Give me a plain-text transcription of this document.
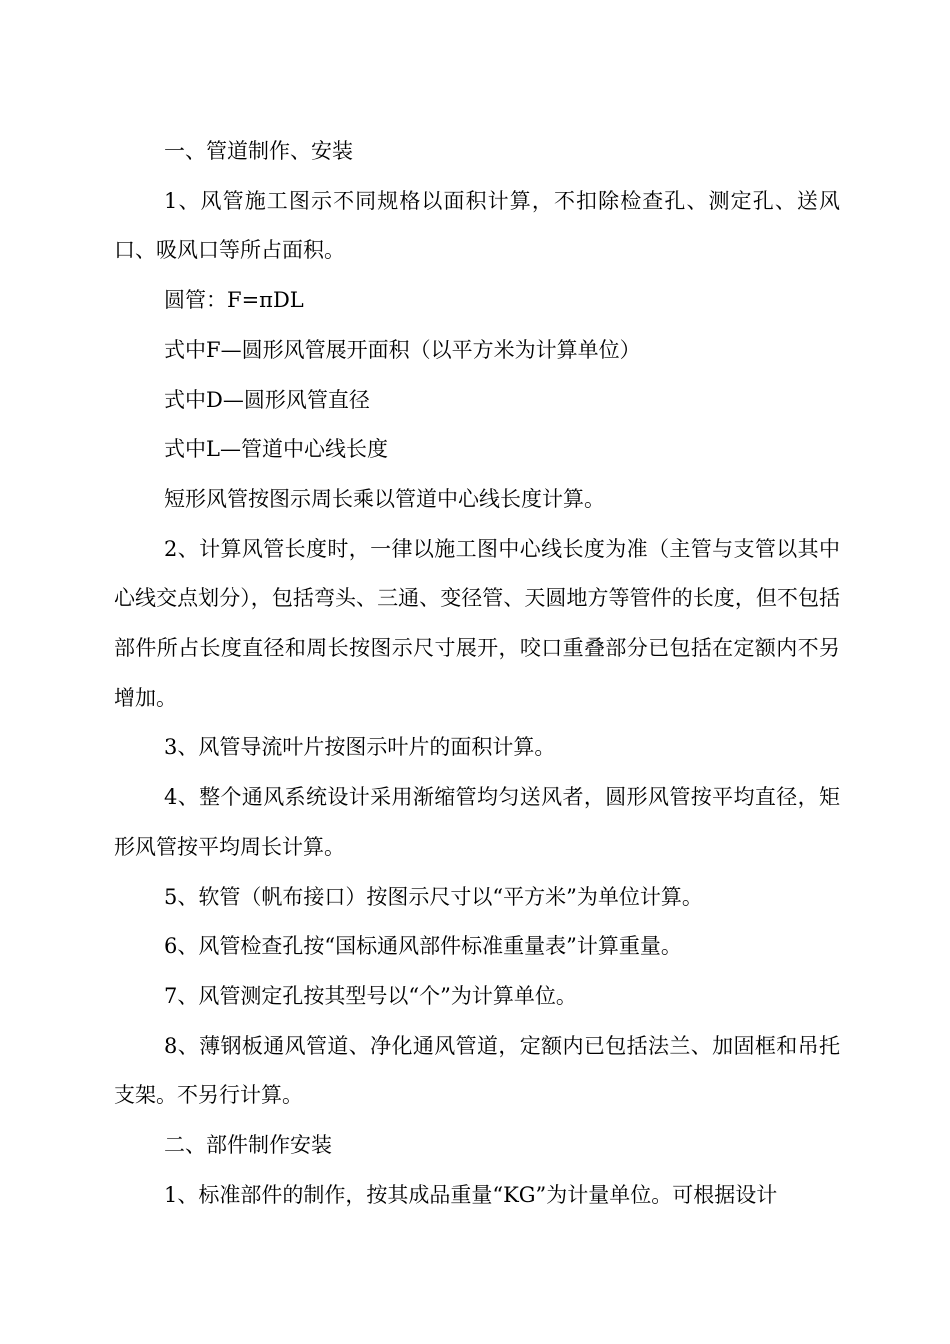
一、管道制作、安装

1、风管施工图示不同规格以面积计算，不扣除检查孔、测定孔、送风口、吸风口等所占面积。

圆管：F=πDL

式中F—圆形风管展开面积（以平方米为计算单位）

式中D—圆形风管直径

式中L—管道中心线长度

短形风管按图示周长乘以管道中心线长度计算。

2、计算风管长度时，一律以施工图中心线长度为准（主管与支管以其中心线交点划分），包括弯头、三通、变径管、天圆地方等管件的长度，但不包括部件所占长度直径和周长按图示尺寸展开，咬口重叠部分已包括在定额内不另增加。

3、风管导流叶片按图示叶片的面积计算。

4、整个通风系统设计采用渐缩管均匀送风者，圆形风管按平均直径，矩形风管按平均周长计算。

5、软管（帆布接口）按图示尺寸以“平方米”为单位计算。

6、风管检查孔按“国标通风部件标准重量表”计算重量。

7、风管测定孔按其型号以“个”为计算单位。

8、薄钢板通风管道、净化通风管道，定额内已包括法兰、加固框和吊托支架。不另行计算。

二、部件制作安装

1、标准部件的制作，按其成品重量“KG”为计量单位。可根据设计
